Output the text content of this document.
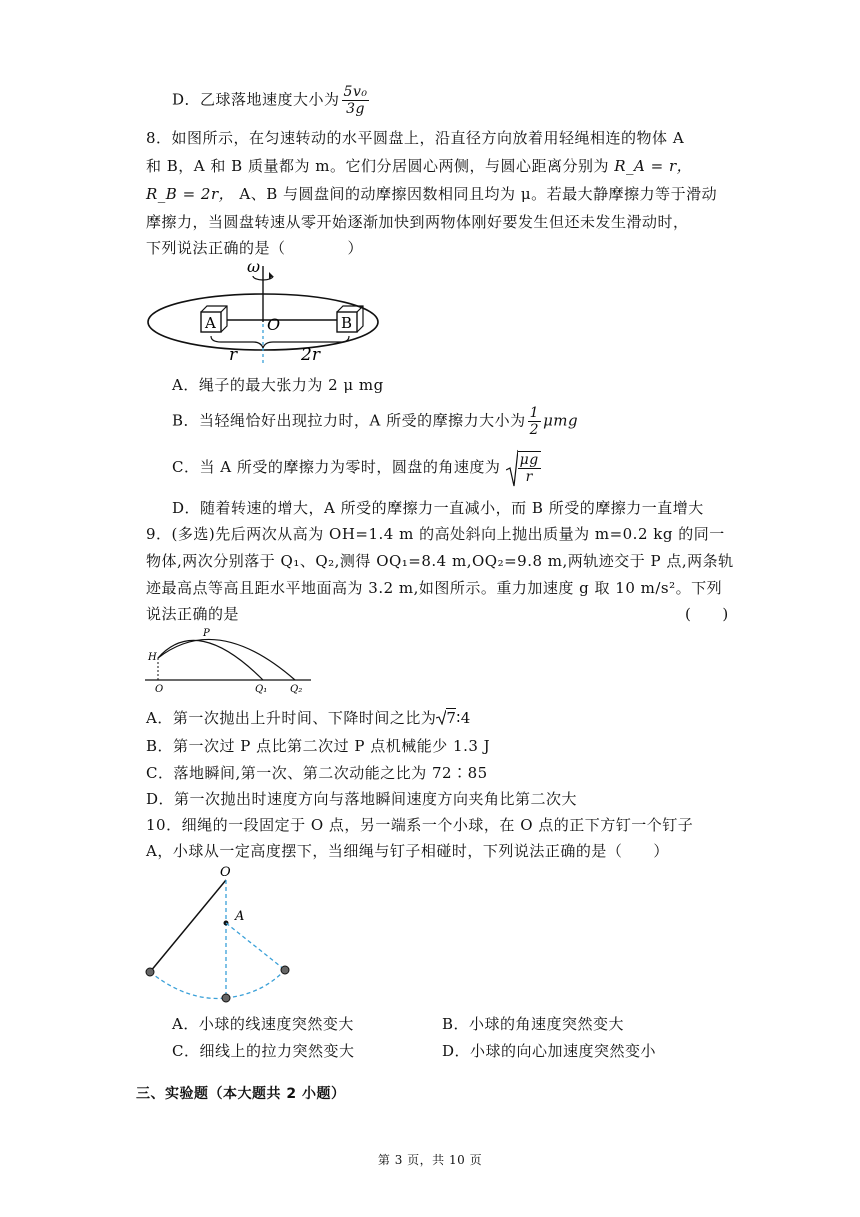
D．乙球落地速度大小为 $\frac{\text{5v₀}}{3g}$
8．如图所示，在匀速转动的水平圆盘上，沿直径方向放着用轻绳相连的物体 A
和 B，A 和 B 质量都为 m。它们分居圆心两侧，与圆心距离分别为 R_A = r，
R_B = 2r， A、B 与圆盘间的动摩擦因数相同且均为 μ。若最大静摩擦力等于滑动
摩擦力，当圆盘转速从零开始逐渐加快到两物体刚好要发生但还未发生滑动时，
下列说法正确的是（　　　　）
ω
A	B
O
r	2r
A．绳子的最大张力为 2 μ mg
B．当轻绳恰好出现拉力时，A 所受的摩擦力大小为 $\frac{1}{2}$ μmg
C．当 A 所受的摩擦力为零时，圆盘的角速度为 $\frac{\mu g}{r}$
D．随着转速的增大，A 所受的摩擦力一直减小，而 B 所受的摩擦力一直增大
9．(多选)先后两次从高为 OH=1.4 m 的高处斜向上抛出质量为 m=0.2 kg 的同一
物体,两次分别落于 Q₁、Q₂,测得 OQ₁=8.4 m,OQ₂=9.8 m,两轨迹交于 P 点,两条轨
迹最高点等高且距水平地面高为 3.2 m,如图所示。重力加速度 g 取 10 m/s²。下列
说法正确的是	(　　)
P
H
O	Q₁ Q₂
A．第一次抛出上升时间、下降时间之比为 7∶4
B．第一次过 P 点比第二次过 P 点机械能少 1.3 J
C．落地瞬间,第一次、第二次动能之比为 72∶85
D．第一次抛出时速度方向与落地瞬间速度方向夹角比第二次大
10．细绳的一段固定于 O 点，另一端系一个小球，在 O 点的正下方钉一个钉子
A，小球从一定高度摆下，当细绳与钉子相碰时，下列说法正确的是（　　）
O
A
A．小球的线速度突然变大	B．小球的角速度突然变大
C．细线上的拉力突然变大	D．小球的向心加速度突然变小
三、实验题（本大题共 2 小题）
第 3 页，共 10 页
